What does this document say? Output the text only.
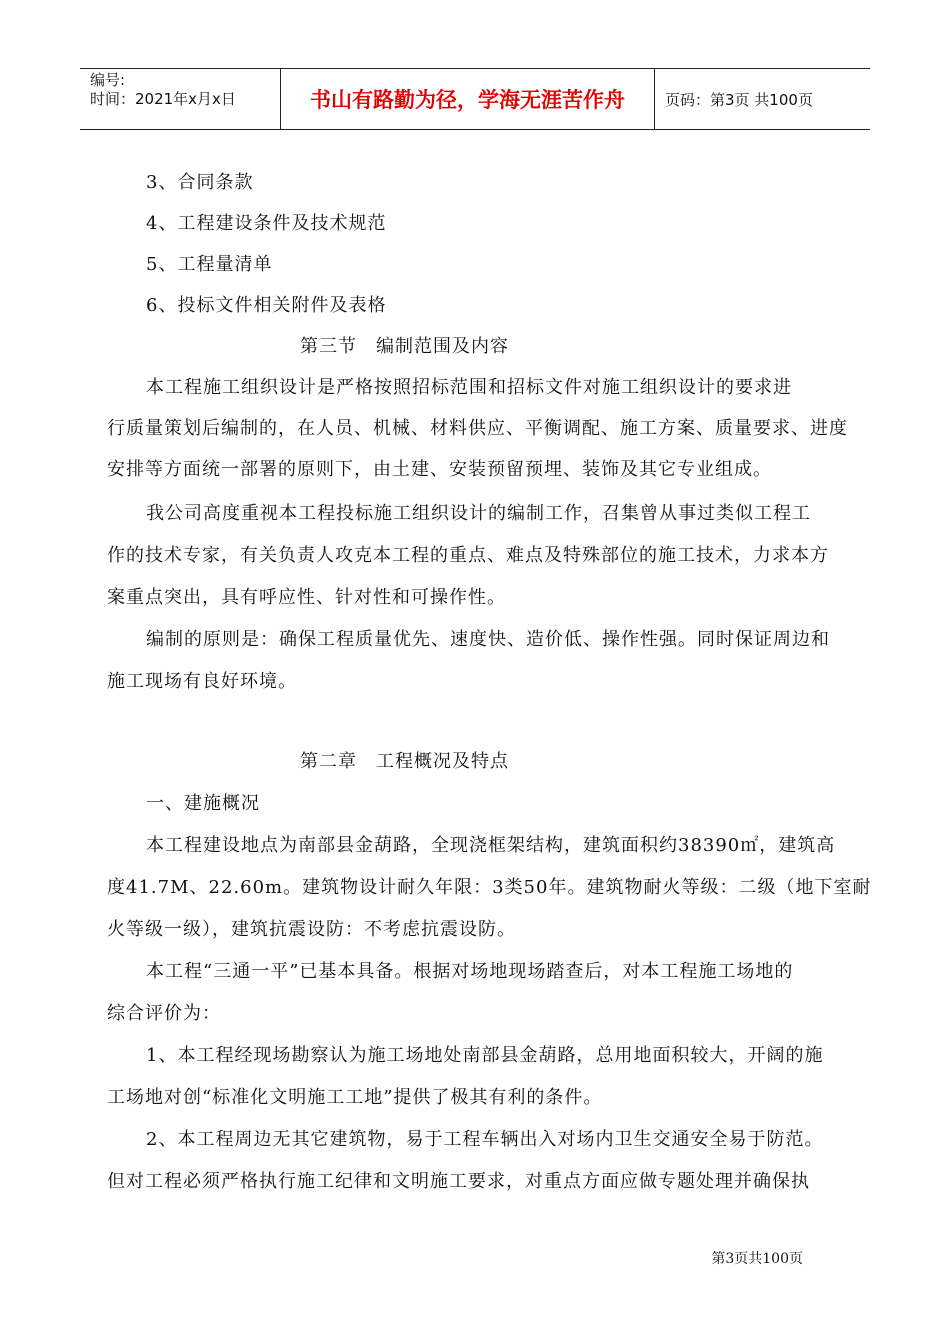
编号:
时间：2021年x月x日	书山有路勤为径，学海无涯苦作舟	页码：第3页 共100页
3、合同条款
4、工程建设条件及技术规范
5、工程量清单
6、投标文件相关附件及表格
第三节　编制范围及内容
本工程施工组织设计是严格按照招标范围和招标文件对施工组织设计的要求进
行质量策划后编制的，在人员、机械、材料供应、平衡调配、施工方案、质量要求、进度
安排等方面统一部署的原则下，由土建、安装预留预埋、装饰及其它专业组成。
我公司高度重视本工程投标施工组织设计的编制工作，召集曾从事过类似工程工
作的技术专家，有关负责人攻克本工程的重点、难点及特殊部位的施工技术，力求本方
案重点突出，具有呼应性、针对性和可操作性。
编制的原则是：确保工程质量优先、速度快、造价低、操作性强。同时保证周边和
施工现场有良好环境。
第二章　工程概况及特点
一、建施概况
本工程建设地点为南部县金葫路，全现浇框架结构，建筑面积约38390㎡，建筑高
度41.7M、22.60m。建筑物设计耐久年限：3类50年。建筑物耐火等级：二级（地下室耐
火等级一级），建筑抗震设防：不考虑抗震设防。
本工程“三通一平”已基本具备。根据对场地现场踏查后，对本工程施工场地的
综合评价为：
1、本工程经现场勘察认为施工场地处南部县金葫路，总用地面积较大，开阔的施
工场地对创“标准化文明施工工地”提供了极其有利的条件。
2、本工程周边无其它建筑物，易于工程车辆出入对场内卫生交通安全易于防范。
但对工程必须严格执行施工纪律和文明施工要求，对重点方面应做专题处理并确保执
第3页共100页
